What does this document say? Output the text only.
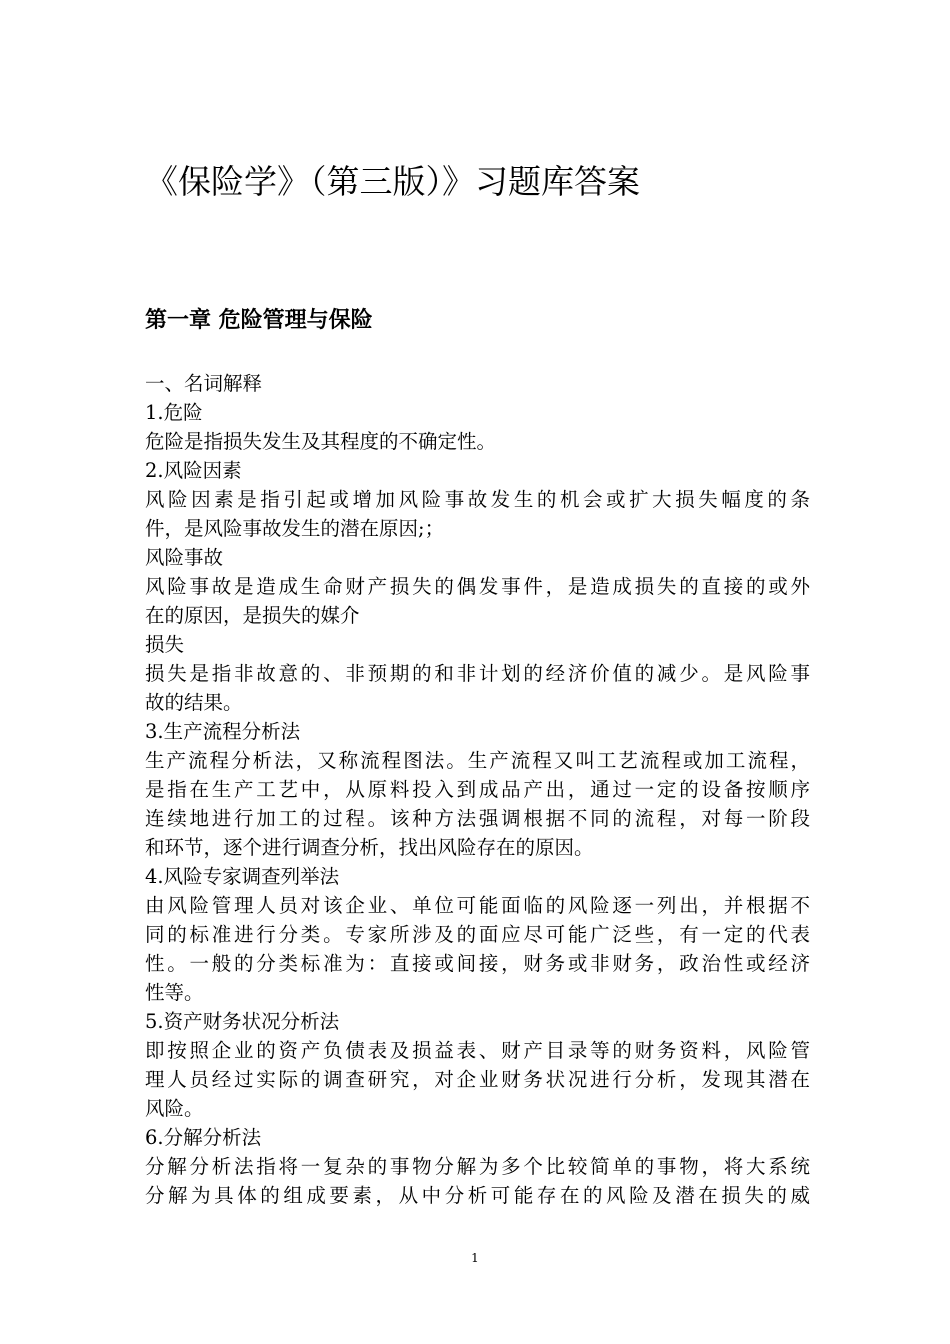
《保险学》（第三版）》习题库答案
第一章 危险管理与保险
一、名词解释
1.危险
危险是指损失发生及其程度的不确定性。
2.风险因素
风险因素是指引起或增加风险事故发生的机会或扩大损失幅度的条
件，是风险事故发生的潜在原因;；
风险事故
风险事故是造成生命财产损失的偶发事件，是造成损失的直接的或外
在的原因，是损失的媒介
损失
损失是指非故意的、非预期的和非计划的经济价值的减少。是风险事
故的结果。
3.生产流程分析法
生产流程分析法，又称流程图法。生产流程又叫工艺流程或加工流程，
是指在生产工艺中，从原料投入到成品产出，通过一定的设备按顺序
连续地进行加工的过程。该种方法强调根据不同的流程，对每一阶段
和环节，逐个进行调查分析，找出风险存在的原因。
4.风险专家调查列举法
由风险管理人员对该企业、单位可能面临的风险逐一列出，并根据不
同的标准进行分类。专家所涉及的面应尽可能广泛些，有一定的代表
性。一般的分类标准为：直接或间接，财务或非财务，政治性或经济
性等。
5.资产财务状况分析法
即按照企业的资产负债表及损益表、财产目录等的财务资料，风险管
理人员经过实际的调查研究，对企业财务状况进行分析，发现其潜在
风险。
6.分解分析法
分解分析法指将一复杂的事物分解为多个比较简单的事物，将大系统
分解为具体的组成要素，从中分析可能存在的风险及潜在损失的威
1
